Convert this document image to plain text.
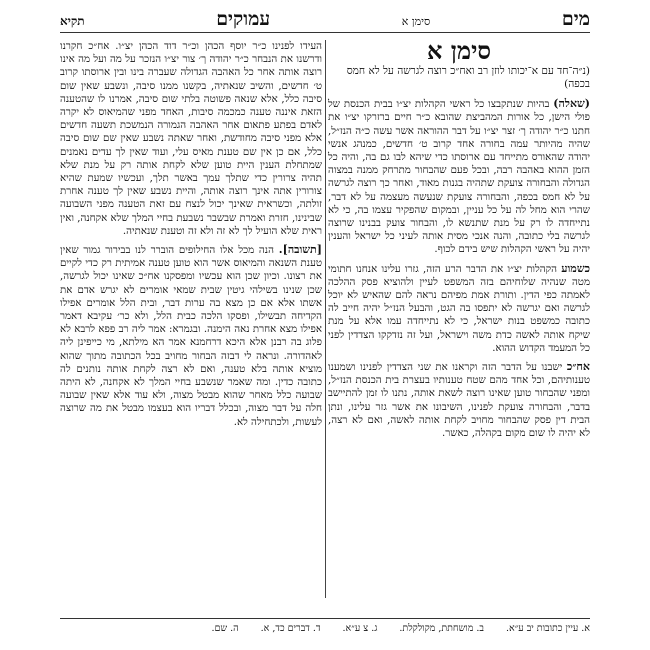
מים
סימן א
עמוקים
תקיא
סימן א
(נ״ה־חד עם א־יכותו לוזן רב ואח״כ רוצה לגרשה על לא חמס בכפה)

(שאלה) בהיות שנתקבצו כל ראשי הקהלות יצ״ו בבית הכנסת של פולי הישן, כל אורות המהביצת שהובא כ״ר חיים ברזרקו יצ״ו את חתנו כ״ר יהודה ך׳ זצר יצ״ו על דבר ההוראה אשר עשה כ״ה הנז״ל, שהיה מהיותר עמה בחורה אחד קרוב ט׳ חדשים, כמנהג אנשי יהודה שהאורס מתייחד עם ארוסתו כדי שיהא לבו גם בה, והיה כל הזמן ההוא באהבה רבה, ובכל פעם שהבחור מתרחק ממנה במצוה הגדולה והבחורה צועקת שתהיה בגנות מאוד, ואחר כך רוצה לגרשה על לא חמס בכפה, והבחורה צועקת שנעשה מעצמה על לא דבר, שהרי הוא מחל לה על כל עניין, ובמקום שהפקיר עצמו בה, כי לא נתייחדה לו רק על מנת שתנשא לו, והבחור צועק בבנינו שרוצה לגרשה בלי כתובה, והנה אנכי מסית אותה לעיני כל ישראל והענין יהיה על ראשי הקהלות שיש בידם לכוף.

כשמוע הקהלות יצ״ו את הדבר הרע הזה, גזרו עלינו אנחנו חתומי מטה שנהיה שלוחיהם בזה המשפט לעיין ולהוציא פסק ההלכה לאמתה כפי הדין. ותורת אמת מפיהם נראה להם שהאיש לא יוכל לגרשה ואם יגרשה לא יתפסו בה הגט, והבעל הנז״ל יהיה חייב לה כתובה כמשפט בנות ישראל, כי לא נתייחדה עמו אלא על מנת שיקח אותה לאשה כדת משה וישראל, ועל זה נזדקקו הצדדין לפני כל המעמד הקדוש ההוא.

אח״כ ישבנו על הדבר הזה וקראנו את שני הצדדין לפנינו ושמענו טענותיהם, וכל אחד מהם שטח טענותיו בעצרת בית הכנסת הנז״ל, ומפני שהבחור טוען שאינו רוצה לשאת אותה, נתנו לו זמן להתיישב בדבר, והבחורה צועקת לפנינו, השיבונו את אשר גזר עלינו, ונתן הבית דין פסק שהבחור מחויב לקחת אותה לאשה, ואם לא רצה, לא יהיה לו שום מקום בקהלה, כאשר.

העידו לפנינו כ״ר יוסף הכהן וכ״ר דוד הכהן יצ״ו. אח״כ חקרנו ודרשנו את הנבחר כ״ר יהודה ך׳ צור יצ״ו הנזכר על מה ועל מה אינו רוצה אותה אחר כל האהבה הגדולה שעברה בינו ובין ארוסתו קרוב ט׳ חדשים, והשיב שנאתיה, בקשנו ממנו סיבה, ונשבע שאין שום סיבה כלל, אלא שנאה פשוטה בלתי שום סיבה, אמרנו לו שהטענה הזאת איננה טענה כמכמה סיבות, האחד מפני שהמיאוס לא יקרה לאדם בפתע פתאום אחר האהבה הגמורה הנמשכת תשעה חדשים אלא מפני סיבה מחודשת, ואחר שאתה נשבע שאין שם שום סיבה כלל, אם כן אין שם טענת מאיס עלי, ועוד שאין לך עדים נאמנים שמתחלת הענין היית טוען שלא לקחת אותה רק על מנת שלא תהיה צרורין כדי שתלך עמך באשר תלך, ועכשיו שמעת שהיא צורורין אתה אינך רוצה אותה, והיית נשבע שאין לך טענה אחרת זולתה, וכשראית שאינך יכול לנצח עם זאת הטענה מפני השבועה שבינינו, חזרת ואמרת שבשבר נשבעת בחיי המלך שלא אקחנה, ואין ראית שלא הועיל לך לא זה ולא זה וטענת שנאתיה.

[תשובה]. הנה מכל אלו החילופים הוברר לנו בבירור גמור שאין טענת השנאה והמיאוס אשר הוא טוען טענה אמיתית רק כדי לקיים את רצונו. וכיון שכן הוא עכשיו ומפסקנו אח״כ שאינו יכול לגרשה, שכן שנינו בשילהי גיטין שבית שמאי אומרים לא יגרש אדם את אשתו אלא אם כן מצא בה ערות דבר, ובית הלל אומרים אפילו הקדיחה תבשילו, ופסקו הלכה כבית הלל, ולא כר׳ עקיבא דאמר אפילו מצא אחרת נאה הימנה. ובגמרא: אמר ליה רב פפא לרבא לא פלוג בה רבנן אלא היכא דרחמנא אמר הא מילתא, מי כייפינן ליה לאהדורה. ונראה לי דבזה הבחור מחויב בכל הכתובה מתוך שהוא מוציא אותה בלא טענה, ואם לא רצה לקחת אותה נותנים לה כתובה כדין. ומה שאמר שנשבע בחיי המלך לא אקחנה, לא היתה שבועה כלל מאחר שהוא מבטל מצוה, ולא עוד אלא שאין שבועה חלה על דבר מצוה, ובכלל דבריו הוא בעצמו מבטל את מה שרוצה לעשות, ולכתחילה לא.

א. עיין כתובות יב ע״א.
ב. מושחתת, מקולקלת.
ג. צ ע״א.
ד. דברים כד, א.
ה. שם.
